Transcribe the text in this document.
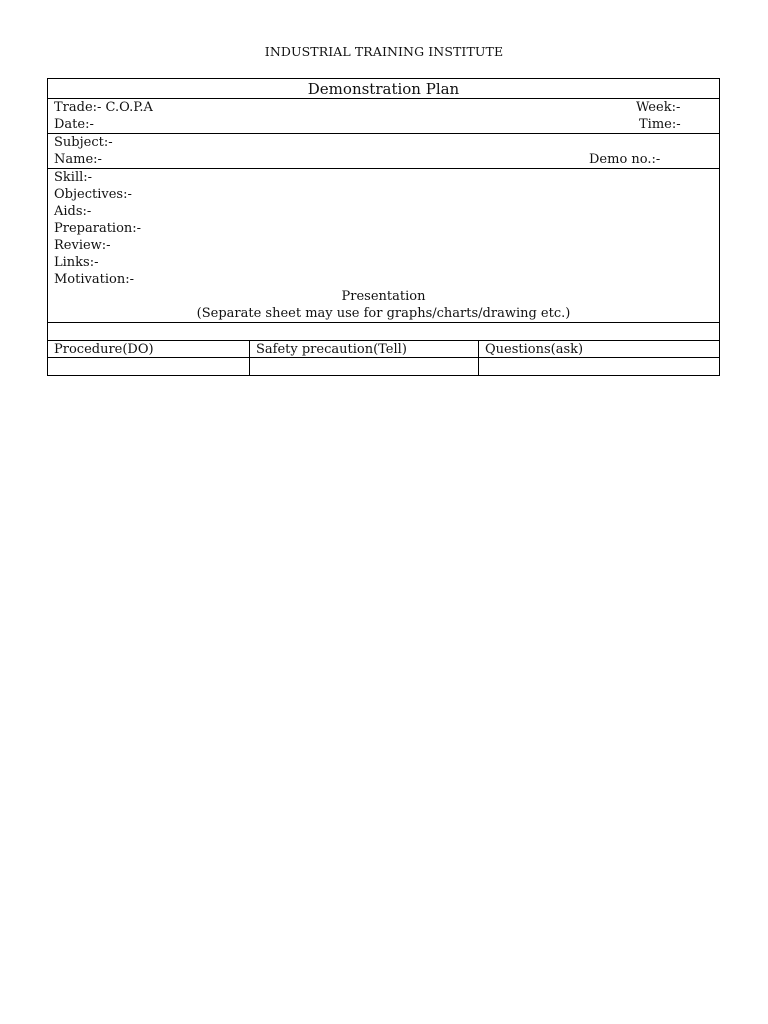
INDUSTRIAL TRAINING INSTITUTE
Demonstration Plan
Trade:- C.O.P.A	Week:-
Date:-	Time:-
Subject:-
Name:-	Demo no.:-
Skill:-
Objectives:-
Aids:-
Preparation:-
Review:-
Links:-
Motivation:-
Presentation
(Separate sheet may use for graphs/charts/drawing etc.)
Procedure(DO)	Safety precaution(Tell)	Questions(ask)
